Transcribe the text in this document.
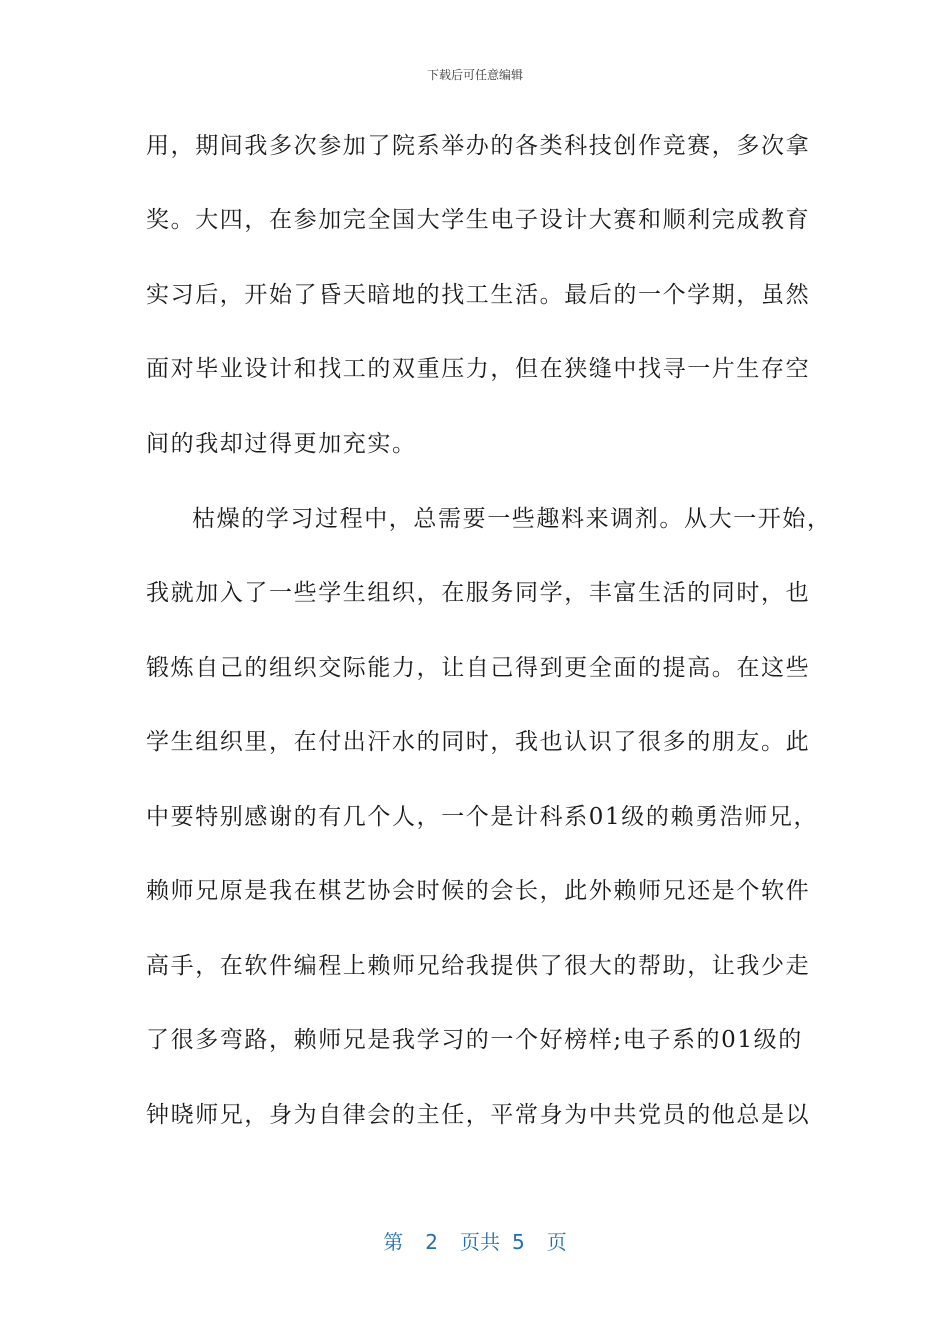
下载后可任意编辑
用，期间我多次参加了院系举办的各类科技创作竞赛，多次拿
奖。大四，在参加完全国大学生电子设计大赛和顺利完成教育
实习后，开始了昏天暗地的找工生活。最后的一个学期，虽然
面对毕业设计和找工的双重压力，但在狭缝中找寻一片生存空
间的我却过得更加充实。
枯燥的学习过程中，总需要一些趣料来调剂。从大一开始，
我就加入了一些学生组织，在服务同学，丰富生活的同时，也
锻炼自己的组织交际能力，让自己得到更全面的提高。在这些
学生组织里，在付出汗水的同时，我也认识了很多的朋友。此
中要特别感谢的有几个人，一个是计科系01级的赖勇浩师兄，
赖师兄原是我在棋艺协会时候的会长，此外赖师兄还是个软件
高手，在软件编程上赖师兄给我提供了很大的帮助，让我少走
了很多弯路，赖师兄是我学习的一个好榜样;电子系的01级的
钟晓师兄，身为自律会的主任，平常身为中共党员的他总是以
第 2 页共 5 页
